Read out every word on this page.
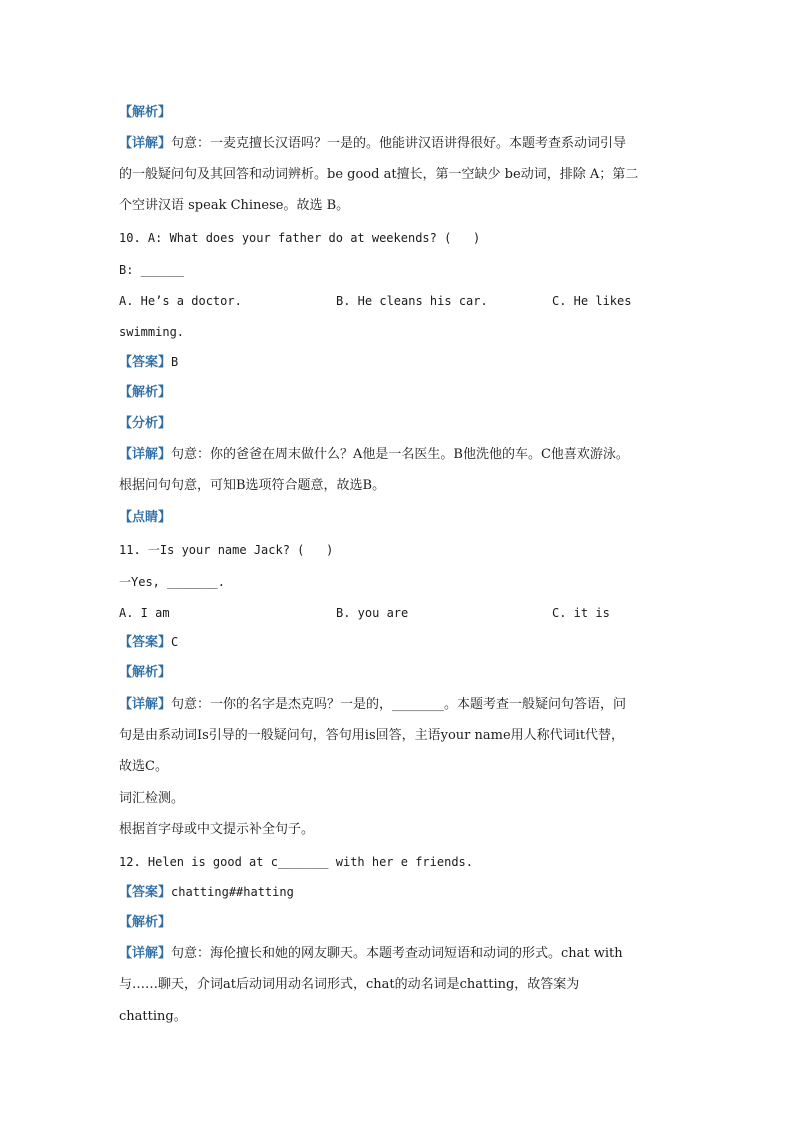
【解析】
【详解】句意：一麦克擅长汉语吗？一是的。他能讲汉语讲得很好。本题考查系动词引导
的一般疑问句及其回答和动词辨析。be good at擅长，第一空缺少 be动词，排除 A；第二
个空讲汉语 speak Chinese。故选 B。
10. A: What does your father do at weekends? (   )
B: ______
A. He’s a doctor.	B. He cleans his car.	C. He likes
swimming.
【答案】B
【解析】
【分析】
【详解】句意：你的爸爸在周末做什么？A他是一名医生。B他洗他的车。C他喜欢游泳。
根据问句句意，可知B选项符合题意，故选B。
【点睛】
11. 一Is your name Jack? (   )
一Yes, _______.
A. I am	B. you are	C. it is
【答案】C
【解析】
【详解】句意：一你的名字是杰克吗？一是的，________。本题考查一般疑问句答语，问
句是由系动词Is引导的一般疑问句，答句用is回答，主语your name用人称代词it代替，
故选C。
词汇检测。
根据首字母或中文提示补全句子。
12. Helen is good at c_______ with her e friends.
【答案】chatting##hatting
【解析】
【详解】句意：海伦擅长和她的网友聊天。本题考查动词短语和动词的形式。chat with
与……聊天，介词at后动词用动名词形式，chat的动名词是chatting，故答案为
chatting。
